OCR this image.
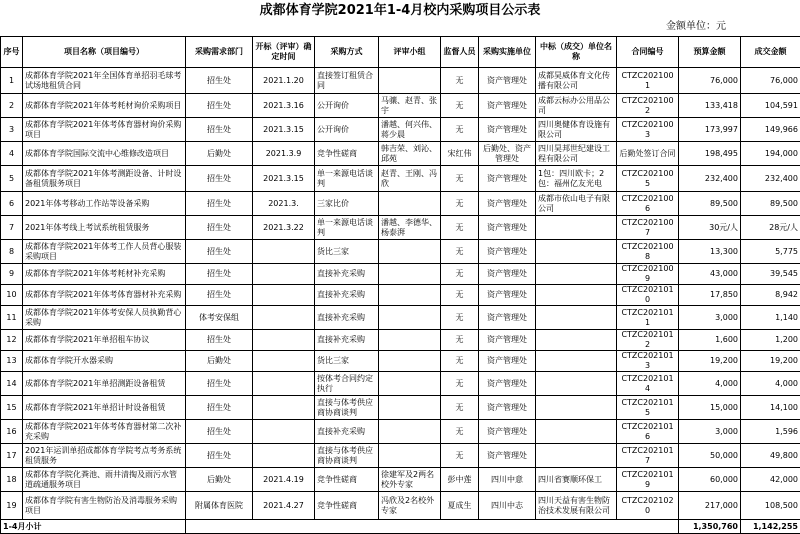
成都体育学院2021年1-4月校内采购项目公示表
金额单位：元
序号	项目名称（项目编号）	采购需求部门	开标（评审）确定时间	采购方式	评审小组	监督人员	采购实施单位	中标（成交）单位名称	合同编号	预算金额	成交金额
1	成都体育学院2021年全国体育单招羽毛球考试场地租赁合同	招生处	2021.1.20	直接签订租赁合同		无	资产管理处	成都昊威体育文化传播有限公司	CTZC2021001	76,000	76,000
2	成都体育学院2021年体考耗材询价采购项目	招生处	2021.3.16	公开询价	马骧、赵青、张宇	无	资产管理处	成都云标办公用品公司	CTZC2021002	133,418	104,591
3	成都体育学院2021年体考体育器材询价采购项目	招生处	2021.3.15	公开询价	潘越、何兴伟、蒋少晨	无	资产管理处	四川奥健体育设施有限公司	CTZC2021003	173,997	149,966
4	成都体育学院国际交流中心维修改造项目	后勤处	2021.3.9	竞争性磋商	韩吉荣、刘沁、邱苑	宋红伟	后勤处、资产管理处	四川昊邦世纪建设工程有限公司	后勤处签订合同	198,495	194,000
5	成都体育学院2021年体考测距设备、计时设备租赁服务项目	招生处	2021.3.15	单一来源电话谈判	赵青、王刚、冯欣	无	资产管理处	1包：四川欧卡；2包：福州亿友光电	CTZC2021005	232,400	232,400
6	2021年体考移动工作站等设备采购	招生处	2021.3.	三家比价		无	资产管理处	成都市依山电子有限公司	CTZC2021006	89,500	89,500
7	2021年体考线上考试系统租赁服务	招生处	2021.3.22	单一来源电话谈判	潘越、李德华、杨泰湃	无	资产管理处		CTZC2021007	30元/人	28元/人
8	成都体育学院2021年体考工作人员背心服装采购项目	招生处		货比三家		无	资产管理处		CTZC2021008	13,300	5,775
9	成都体育学院2021年体考耗材补充采购	招生处		直接补充采购		无	资产管理处		CTZC2021009	43,000	39,545
10	成都体育学院2021年体考体育器材补充采购	招生处		直接补充采购		无	资产管理处		CTZC2021010	17,850	8,942
11	成都体育学院2021年体考安保人员执勤背心采购	体考安保组		直接补充采购		无	资产管理处		CTZC2021011	3,000	1,140
12	成都体育学院2021年单招租车协议	招生处		直接补充采购		无	资产管理处		CTZC2021012	1,600	1,200
13	成都体育学院开水器采购	后勤处		货比三家		无	资产管理处		CTZC2021013	19,200	19,200
14	成都体育学院2021年单招测距设备租赁	招生处		按体考合同约定执行		无	资产管理处		CTZC2021014	4,000	4,000
15	成都体育学院2021年单招计时设备租赁	招生处		直接与体考供应商协商谈判		无	资产管理处		CTZC2021015	15,000	14,100
16	成都体育学院2021年体考体育器材第二次补充采购	招生处		直接补充采购		无	资产管理处		CTZC2021016	3,000	1,596
17	2021年运训单招成都体育学院考点考务系统租赁服务	招生处		直接与体考供应商协商谈判		无	资产管理处		CTZC2021017	50,000	49,800
18	成都体育学院化粪池、雨井清掏及雨污水管道疏通服务项目	后勤处	2021.4.19	竞争性磋商	徐建军及2两名校外专家	彭中莲	四川中意	四川省赛顺环保工	CTZC2021019	60,000	42,000
19	成都体育学院有害生物防治及消毒服务采购项目	附属体育医院	2021.4.27	竞争性磋商	冯欣及2名校外专家	夏成生	四川中志	四川天益有害生物防治技术发展有限公司	CTZC2021020	217,000	108,500
1-4月小计										1,350,760	1,142,255
